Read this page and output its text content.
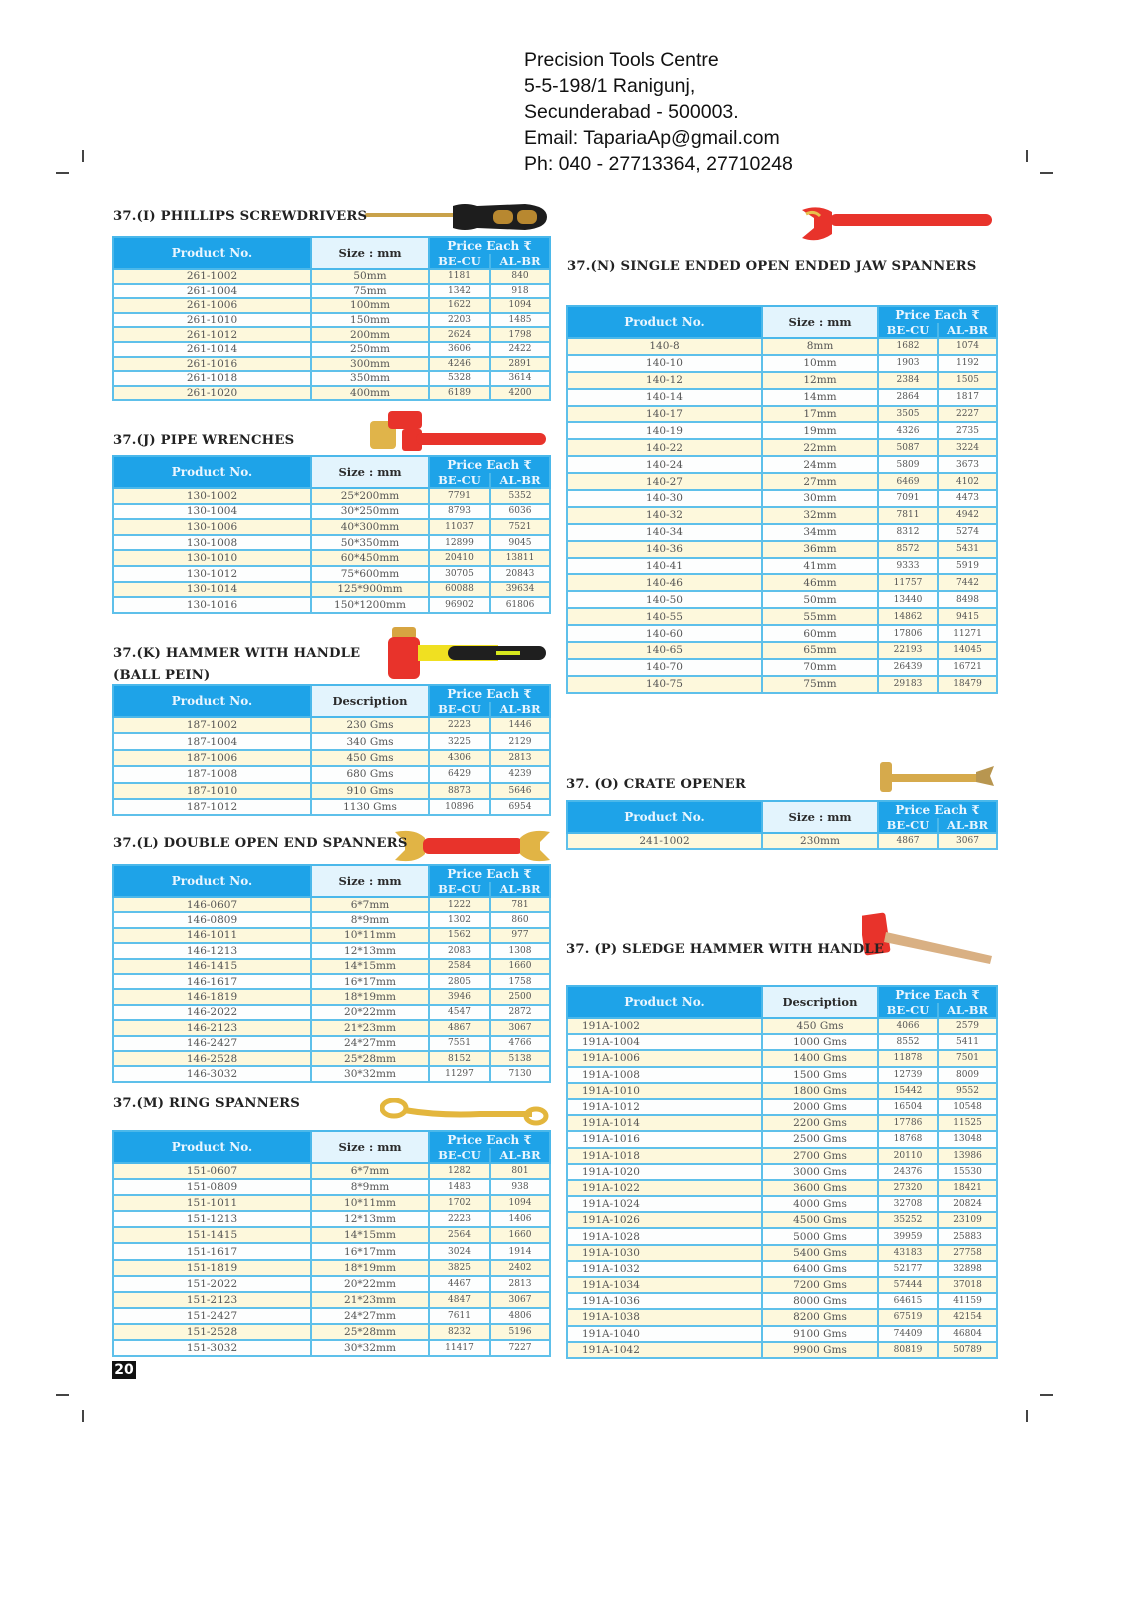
Precision Tools Centre
5-5-198/1 Ranigunj,
Secunderabad - 500003.
Email: TapariaAp@gmail.com
Ph: 040 - 27713364, 27710248
37.(I) PHILLIPS SCREWDRIVERS
Product No.	Size : mm	Price Each ₹	
		BE-CU	AL-BR
261-1002	50mm	1181	840
261-1004	75mm	1342	918
261-1006	100mm	1622	1094
261-1010	150mm	2203	1485
261-1012	200mm	2624	1798
261-1014	250mm	3606	2422
261-1016	300mm	4246	2891
261-1018	350mm	5328	3614
261-1020	400mm	6189	4200
37.(J) PIPE WRENCHES
Product No.	Size : mm	Price Each ₹	
		BE-CU	AL-BR
130-1002	25*200mm	7791	5352
130-1004	30*250mm	8793	6036
130-1006	40*300mm	11037	7521
130-1008	50*350mm	12899	9045
130-1010	60*450mm	20410	13811
130-1012	75*600mm	30705	20843
130-1014	125*900mm	60088	39634
130-1016	150*1200mm	96902	61806
37.(K) HAMMER WITH HANDLE
(BALL PEIN)
Product No.	Description	Price Each ₹	
		BE-CU	AL-BR
187-1002	230 Gms	2223	1446
187-1004	340 Gms	3225	2129
187-1006	450 Gms	4306	2813
187-1008	680 Gms	6429	4239
187-1010	910 Gms	8873	5646
187-1012	1130 Gms	10896	6954
37.(L) DOUBLE OPEN END SPANNERS
Product No.	Size : mm	Price Each ₹	
		BE-CU	AL-BR
146-0607	6*7mm	1222	781
146-0809	8*9mm	1302	860
146-1011	10*11mm	1562	977
146-1213	12*13mm	2083	1308
146-1415	14*15mm	2584	1660
146-1617	16*17mm	2805	1758
146-1819	18*19mm	3946	2500
146-2022	20*22mm	4547	2872
146-2123	21*23mm	4867	3067
146-2427	24*27mm	7551	4766
146-2528	25*28mm	8152	5138
146-3032	30*32mm	11297	7130
37.(M) RING SPANNERS
Product No.	Size : mm	Price Each ₹	
		BE-CU	AL-BR
151-0607	6*7mm	1282	801
151-0809	8*9mm	1483	938
151-1011	10*11mm	1702	1094
151-1213	12*13mm	2223	1406
151-1415	14*15mm	2564	1660
151-1617	16*17mm	3024	1914
151-1819	18*19mm	3825	2402
151-2022	20*22mm	4467	2813
151-2123	21*23mm	4847	3067
151-2427	24*27mm	7611	4806
151-2528	25*28mm	8232	5196
151-3032	30*32mm	11417	7227
37.(N) SINGLE ENDED OPEN ENDED JAW SPANNERS
Product No.	Size : mm	Price Each ₹	
		BE-CU	AL-BR
140-8	8mm	1682	1074
140-10	10mm	1903	1192
140-12	12mm	2384	1505
140-14	14mm	2864	1817
140-17	17mm	3505	2227
140-19	19mm	4326	2735
140-22	22mm	5087	3224
140-24	24mm	5809	3673
140-27	27mm	6469	4102
140-30	30mm	7091	4473
140-32	32mm	7811	4942
140-34	34mm	8312	5274
140-36	36mm	8572	5431
140-41	41mm	9333	5919
140-46	46mm	11757	7442
140-50	50mm	13440	8498
140-55	55mm	14862	9415
140-60	60mm	17806	11271
140-65	65mm	22193	14045
140-70	70mm	26439	16721
140-75	75mm	29183	18479
37. (O) CRATE OPENER
Product No.	Size : mm	Price Each ₹	
		BE-CU	AL-BR
241-1002	230mm	4867	3067
37. (P) SLEDGE HAMMER WITH HANDLE
Product No.	Description	Price Each ₹	
		BE-CU	AL-BR
191A-1002	450 Gms	4066	2579
191A-1004	1000 Gms	8552	5411
191A-1006	1400 Gms	11878	7501
191A-1008	1500 Gms	12739	8009
191A-1010	1800 Gms	15442	9552
191A-1012	2000 Gms	16504	10548
191A-1014	2200 Gms	17786	11525
191A-1016	2500 Gms	18768	13048
191A-1018	2700 Gms	20110	13986
191A-1020	3000 Gms	24376	15530
191A-1022	3600 Gms	27320	18421
191A-1024	4000 Gms	32708	20824
191A-1026	4500 Gms	35252	23109
191A-1028	5000 Gms	39959	25883
191A-1030	5400 Gms	43183	27758
191A-1032	6400 Gms	52177	32898
191A-1034	7200 Gms	57444	37018
191A-1036	8000 Gms	64615	41159
191A-1038	8200 Gms	67519	42154
191A-1040	9100 Gms	74409	46804
191A-1042	9900 Gms	80819	50789
20
